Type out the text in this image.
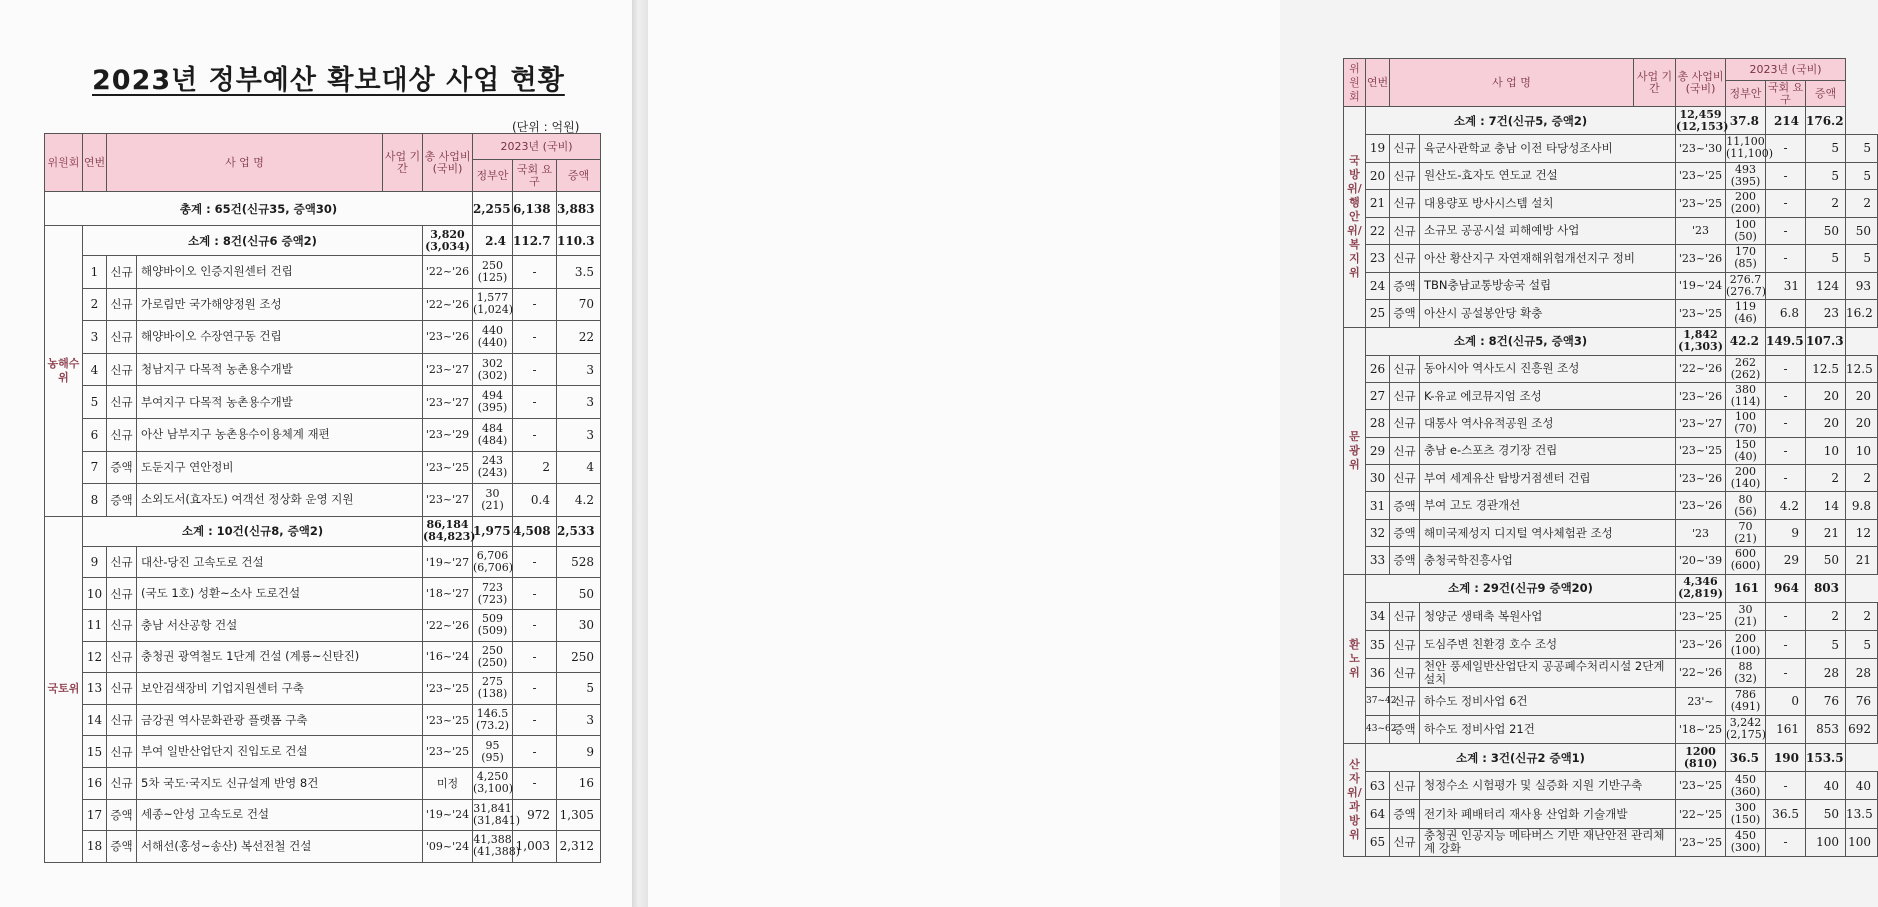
2023년 정부예산 확보대상 사업 현황
(단위 : 억원)
위원회	연번	사 업 명		사업 기간	총 사업비 (국비)	2023년 (국비)			
						정부안	국회 요구	증액	
총계 : 65건(신규35, 증액30)						2,255	6,138	3,883	
농해수위	소계 : 8건(신규6 증액2)				3,820 (3,034)	2.4	112.7	110.3	
	1	신규	해양바이오 인증지원센터 건립		'22~'26	250 (125)	-	3.5	
	2	신규	가로림만 국가해양정원 조성		'22~'26	1,577 (1,024)	-	70	
	3	신규	해양바이오 수장연구동 건립		'23~'26	440 (440)	-	22	
	4	신규	청남지구 다목적 농촌용수개발		'23~'27	302 (302)	-	3	
	5	신규	부여지구 다목적 농촌용수개발		'23~'27	494 (395)	-	3	
	6	신규	아산 남부지구 농촌용수이용체계 재편		'23~'29	484 (484)	-	3	
	7	증액	도둔지구 연안정비		'23~'25	243 (243)	2	4	
	8	증액	소외도서(효자도) 여객선 정상화 운영 지원		'23~'27	30 (21)	0.4	4.2	
국토위	소계 : 10건(신규8, 증액2)				86,184 (84,823)	1,975	4,508	2,533	
	9	신규	대산-당진 고속도로 건설		'19~'27	6,706 (6,706)	-	528	
	10	신규	(국도 1호) 성환~소사 도로건설		'18~'27	723 (723)	-	50	
	11	신규	충남 서산공항 건설		'22~'26	509 (509)	-	30	
	12	신규	충청권 광역철도 1단계 건설 (계룡~신탄진)		'16~'24	250 (250)	-	250	
	13	신규	보안검색장비 기업지원센터 구축		'23~'25	275 (138)	-	5	
	14	신규	금강권 역사문화관광 플랫폼 구축		'23~'25	146.5 (73.2)	-	3	
	15	신규	부여 일반산업단지 진입도로 건설		'23~'25	95 (95)	-	9	
	16	신규	5차 국도·국지도 신규설계 반영 8건		미정	4,250 (3,100)	-	16	
	17	증액	세종~안성 고속도로 건설		'19~'24	31,841 (31,841)	972	1,305	
	18	증액	서해선(홍성~송산) 복선전철 건설		'09~'24	41,388 (41,388)	1,003	2,312	
위원회	연번	사 업 명		사업 기간	총 사업비 (국비)	2023년 (국비)			
						정부안	국회 요구	증액	
국방위/행안위/복지위	소계 : 7건(신규5, 증액2)				12,459 (12,153)	37.8	214	176.2	
	19	신규	육군사관학교 충남 이전 타당성조사비		'23~'30	11,100 (11,100)	-	5	5
	20	신규	원산도-효자도 연도교 건설		'23~'25	493 (395)	-	5	5
	21	신규	대용량포 방사시스템 설치		'23~'25	200 (200)	-	2	2
	22	신규	소규모 공공시설 피해예방 사업		'23	100 (50)	-	50	50
	23	신규	아산 황산지구 자연재해위험개선지구 정비		'23~'26	170 (85)	-	5	5
	24	증액	TBN충남교통방송국 설립		'19~'24	276.7 (276.7)	31	124	93
	25	증액	아산시 공설봉안당 확충		'23~'25	119 (46)	6.8	23	16.2
문광위	소계 : 8건(신규5, 증액3)				1,842 (1,303)	42.2	149.5	107.3	
	26	신규	동아시아 역사도시 진흥원 조성		'22~'26	262 (262)	-	12.5	12.5
	27	신규	K-유교 에코뮤지엄 조성		'23~'26	380 (114)	-	20	20
	28	신규	대통사 역사유적공원 조성		'23~'27	100 (70)	-	20	20
	29	신규	충남 e-스포츠 경기장 건립		'23~'25	150 (40)	-	10	10
	30	신규	부여 세계유산 탐방거점센터 건립		'23~'26	200 (140)	-	2	2
	31	증액	부여 고도 경관개선		'23~'26	80 (56)	4.2	14	9.8
	32	증액	해미국제성지 디지털 역사체험관 조성		'23	70 (21)	9	21	12
	33	증액	충청국학진흥사업		'20~'39	600 (600)	29	50	21
환노위	소계 : 29건(신규9 증액20)				4,346 (2,819)	161	964	803	
	34	신규	청양군 생태축 복원사업		'23~'25	30 (21)	-	2	2
	35	신규	도심주변 친환경 호수 조성		'23~'26	200 (100)	-	5	5
	36	신규	천안 풍세일반산업단지 공공폐수처리시설 2단계 설치		'22~'26	88 (32)	-	28	28
	37~42	신규	하수도 정비사업 6건		23'~	786 (491)	0	76	76
	43~62	증액	하수도 정비사업 21건		'18~'25	3,242 (2,175)	161	853	692
산자위/과방위	소계 : 3건(신규2 증액1)				1200 (810)	36.5	190	153.5	
	63	신규	청정수소 시험평가 및 실증화 지원 기반구축		'23~'25	450 (360)	-	40	40
	64	증액	전기차 폐배터리 재사용 산업화 기술개발		'22~'25	300 (150)	36.5	50	13.5
	65	신규	충청권 인공지능 메타버스 기반 재난안전 관리체계 강화		'23~'25	450 (300)	-	100	100
